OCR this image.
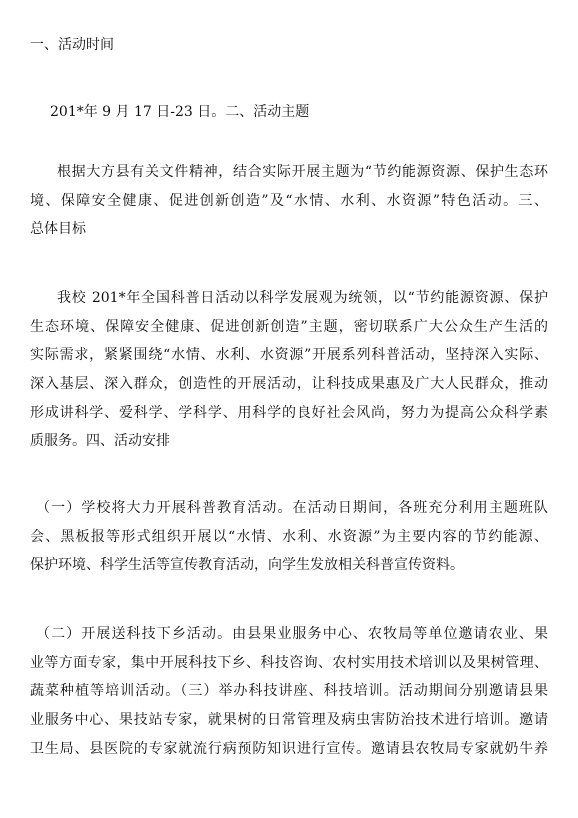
一、活动时间
201*年 9 月 17 日-23 日。二、活动主题
根据大方县有关文件精神，结合实际开展主题为“节约能源资源、保护生态环
境、保障安全健康、促进创新创造”及“水情、水利、水资源”特色活动。三、
总体目标
我校 201*年全国科普日活动以科学发展观为统领，以“节约能源资源、保护
生态环境、保障安全健康、促进创新创造”主题，密切联系广大公众生产生活的
实际需求，紧紧围绕“水情、水利、水资源”开展系列科普活动，坚持深入实际、
深入基层、深入群众，创造性的开展活动，让科技成果惠及广大人民群众，推动
形成讲科学、爱科学、学科学、用科学的良好社会风尚，努力为提高公众科学素
质服务。四、活动安排
（一）学校将大力开展科普教育活动。在活动日期间，各班充分利用主题班队
会、黑板报等形式组织开展以“水情、水利、水资源”为主要内容的节约能源、
保护环境、科学生活等宣传教育活动，向学生发放相关科普宣传资料。
（二）开展送科技下乡活动。由县果业服务中心、农牧局等单位邀请农业、果
业等方面专家，集中开展科技下乡、科技咨询、农村实用技术培训以及果树管理、
蔬菜种植等培训活动。（三）举办科技讲座、科技培训。活动期间分别邀请县果
业服务中心、果技站专家，就果树的日常管理及病虫害防治技术进行培训。邀请
卫生局、县医院的专家就流行病预防知识进行宣传。邀请县农牧局专家就奶牛养
